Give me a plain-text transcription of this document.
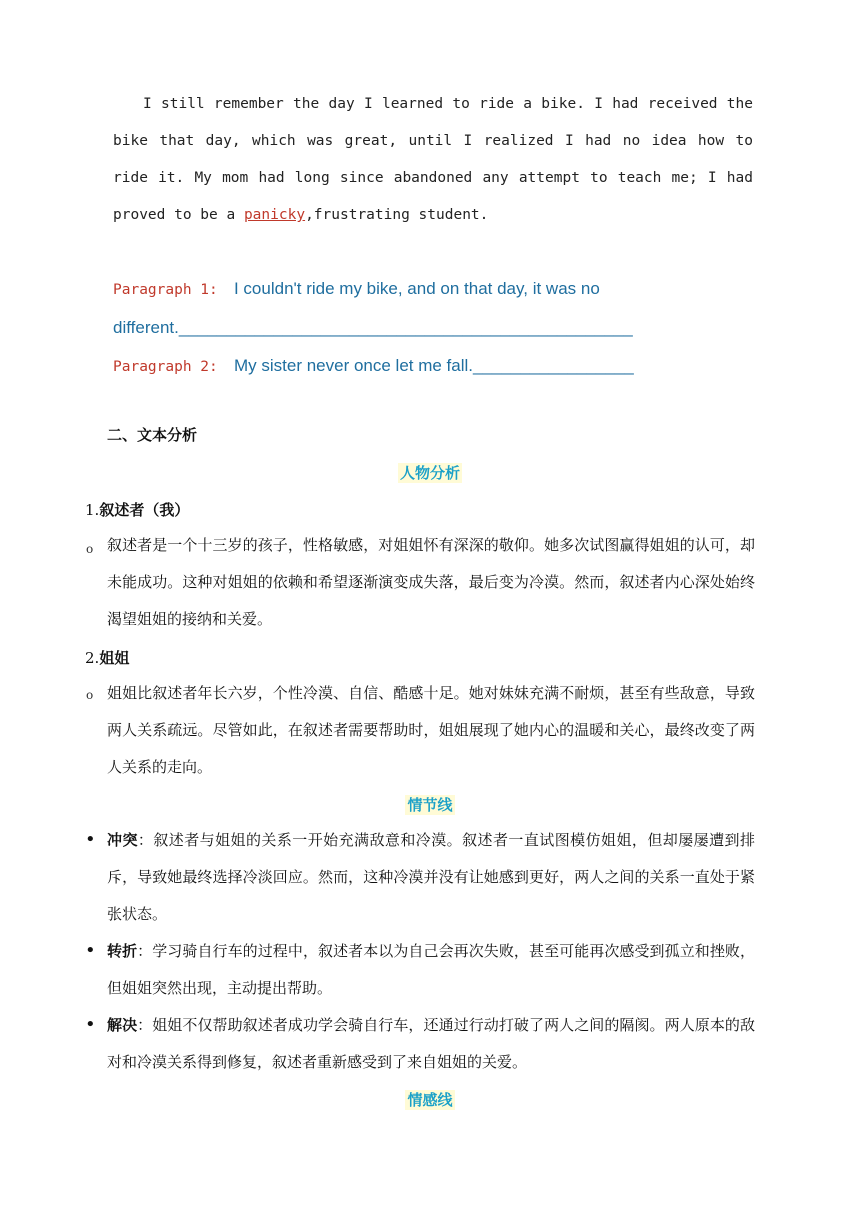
I still remember the day I learned to ride a bike. I had received the bike that day, which was great, until I realized I had no idea how to ride it. My mom had long since abandoned any attempt to teach me; I had proved to be a panicky,frustrating student.
Paragraph 1: I couldn't ride my bike, and on that day, it was no different.________________________________________________
Paragraph 2: My sister never once let me fall._________________
二、文本分析
人物分析
1.叙述者（我）
o 叙述者是一个十三岁的孩子，性格敏感，对姐姐怀有深深的敬仰。她多次试图赢得姐姐的认可，却未能成功。这种对姐姐的依赖和希望逐渐演变成失落，最后变为冷漠。然而，叙述者内心深处始终渴望姐姐的接纳和关爱。
2.姐姐
o 姐姐比叙述者年长六岁，个性冷漠、自信、酷感十足。她对妹妹充满不耐烦，甚至有些敌意，导致两人关系疏远。尽管如此，在叙述者需要帮助时，姐姐展现了她内心的温暖和关心，最终改变了两人关系的走向。
情节线
• 冲突：叙述者与姐姐的关系一开始充满敌意和冷漠。叙述者一直试图模仿姐姐，但却屡屡遭到排斥，导致她最终选择冷淡回应。然而，这种冷漠并没有让她感到更好，两人之间的关系一直处于紧张状态。
• 转折：学习骑自行车的过程中，叙述者本以为自己会再次失败，甚至可能再次感受到孤立和挫败，但姐姐突然出现，主动提出帮助。
• 解决：姐姐不仅帮助叙述者成功学会骑自行车，还通过行动打破了两人之间的隔阂。两人原本的敌对和冷漠关系得到修复，叙述者重新感受到了来自姐姐的关爱。
情感线
